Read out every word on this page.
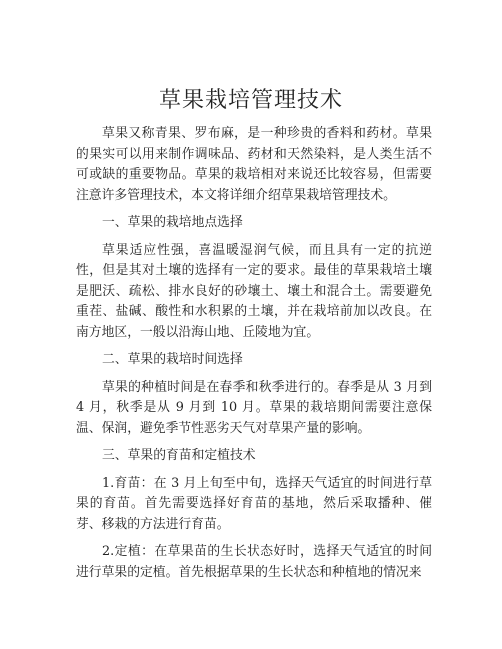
草果栽培管理技术

草果又称青果、罗布麻，是一种珍贵的香料和药材。草果的果实可以用来制作调味品、药材和天然染料，是人类生活不可或缺的重要物品。草果的栽培相对来说还比较容易，但需要注意许多管理技术，本文将详细介绍草果栽培管理技术。

一、草果的栽培地点选择

草果适应性强，喜温暖湿润气候，而且具有一定的抗逆性，但是其对土壤的选择有一定的要求。最佳的草果栽培土壤是肥沃、疏松、排水良好的砂壤土、壤土和混合土。需要避免重茬、盐碱、酸性和水积累的土壤，并在栽培前加以改良。在南方地区，一般以沿海山地、丘陵地为宜。

二、草果的栽培时间选择

草果的种植时间是在春季和秋季进行的。春季是从 3 月到 4 月，秋季是从 9 月到 10 月。草果的栽培期间需要注意保温、保润，避免季节性恶劣天气对草果产量的影响。

三、草果的育苗和定植技术

1.育苗：在 3 月上旬至中旬，选择天气适宜的时间进行草果的育苗。首先需要选择好育苗的基地，然后采取播种、催芽、移栽的方法进行育苗。

2.定植：在草果苗的生长状态好时，选择天气适宜的时间进行草果的定植。首先根据草果的生长状态和种植地的情况来
